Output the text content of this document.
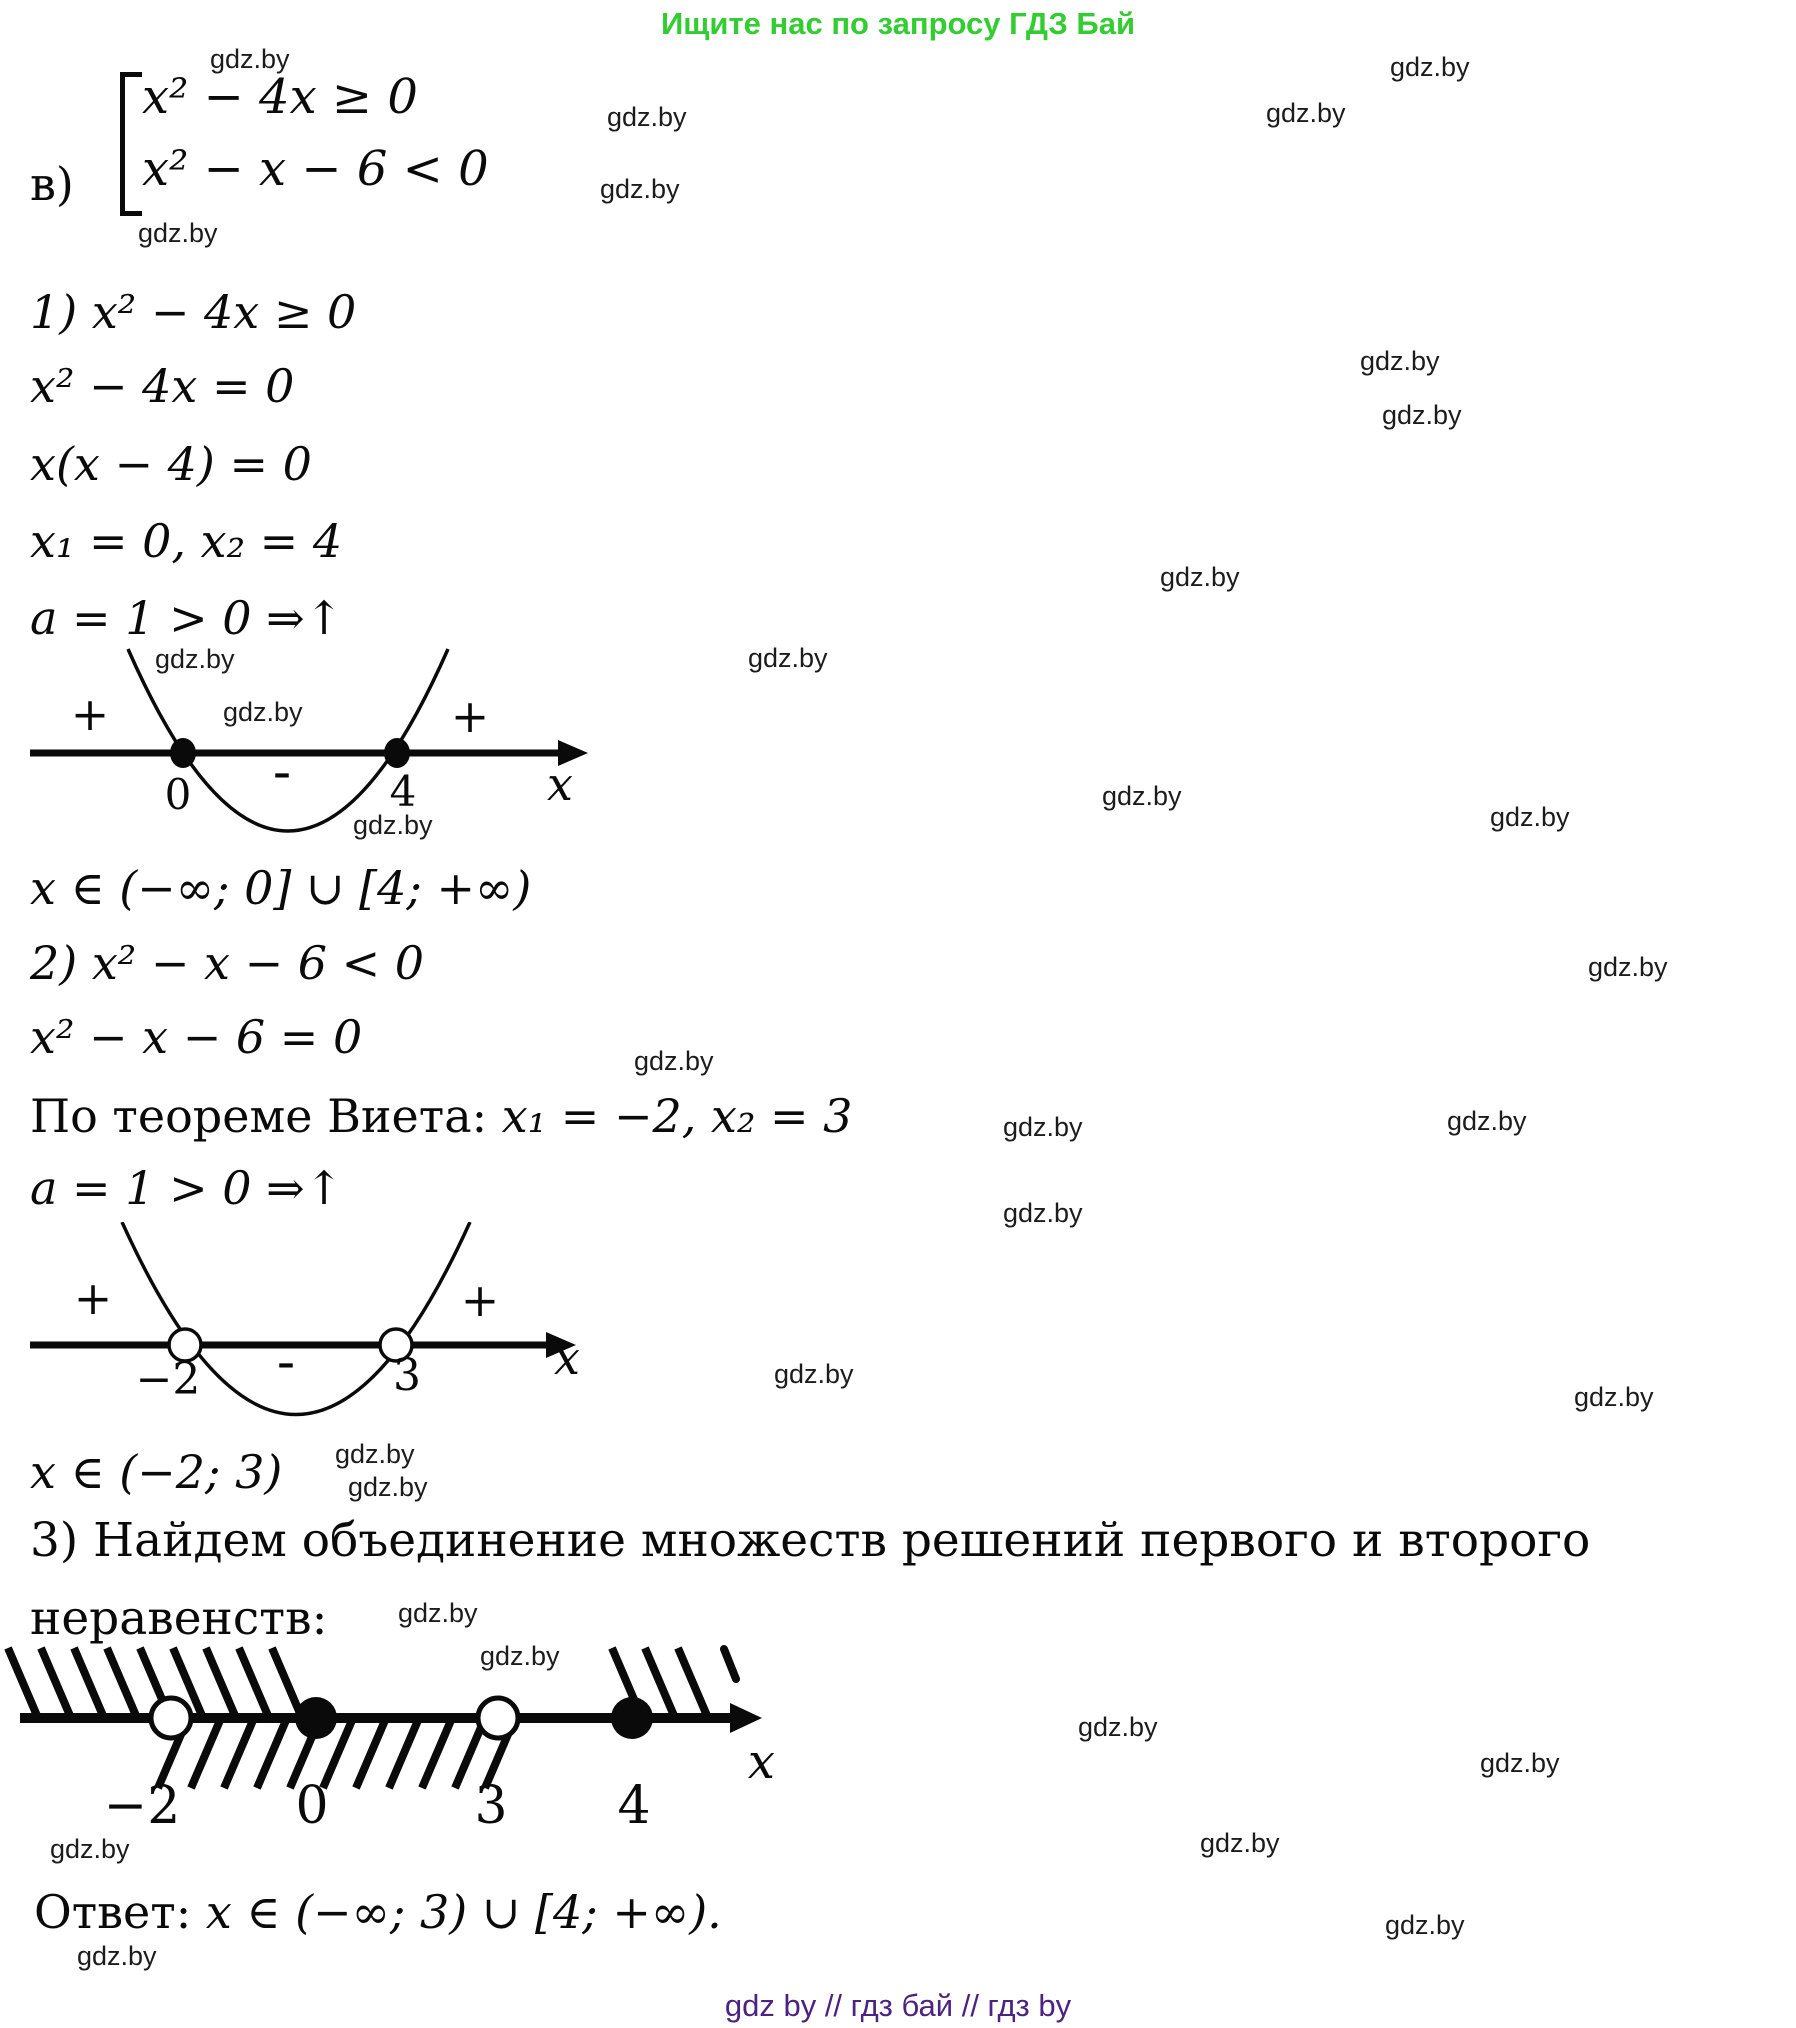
Ищите нас по запросу ГДЗ Бай
в)
x² − 4x ≥ 0
x² − x − 6 < 0
1) x² − 4x ≥ 0
x² − 4x = 0
x(x − 4) = 0
x₁ = 0, x₂ = 4
a = 1 > 0 ⇒↑
+	+
-
0	4	x
x ∈ (−∞; 0] ∪ [4; +∞)
2) x² − x − 6 < 0
x² − x − 6 = 0
По теореме Виета: x₁ = −2, x₂ = 3
a = 1 > 0 ⇒↑
+	+
-
−2	3	x
x ∈ (−2; 3)
3) Найдем объединение множеств решений первого и второго
неравенств:
−2 0	3 4
x
Ответ: x ∈ (−∞; 3) ∪ [4; +∞).
gdz by // гдз бай // гдз by
gdz.by
gdz.by
gdz.by
gdz.by
gdz.by
gdz.by
gdz.by
gdz.by
gdz.by
gdz.by
gdz.by
gdz.by
gdz.by
gdz.by
gdz.by
gdz.by
gdz.by
gdz.by	gdz.by
gdz.by
gdz.by
gdz.by
gdz.by
gdz.by
gdz.by
gdz.by
gdz.by
gdz.by
gdz.by	gdz.by
gdz.by
gdz.by
